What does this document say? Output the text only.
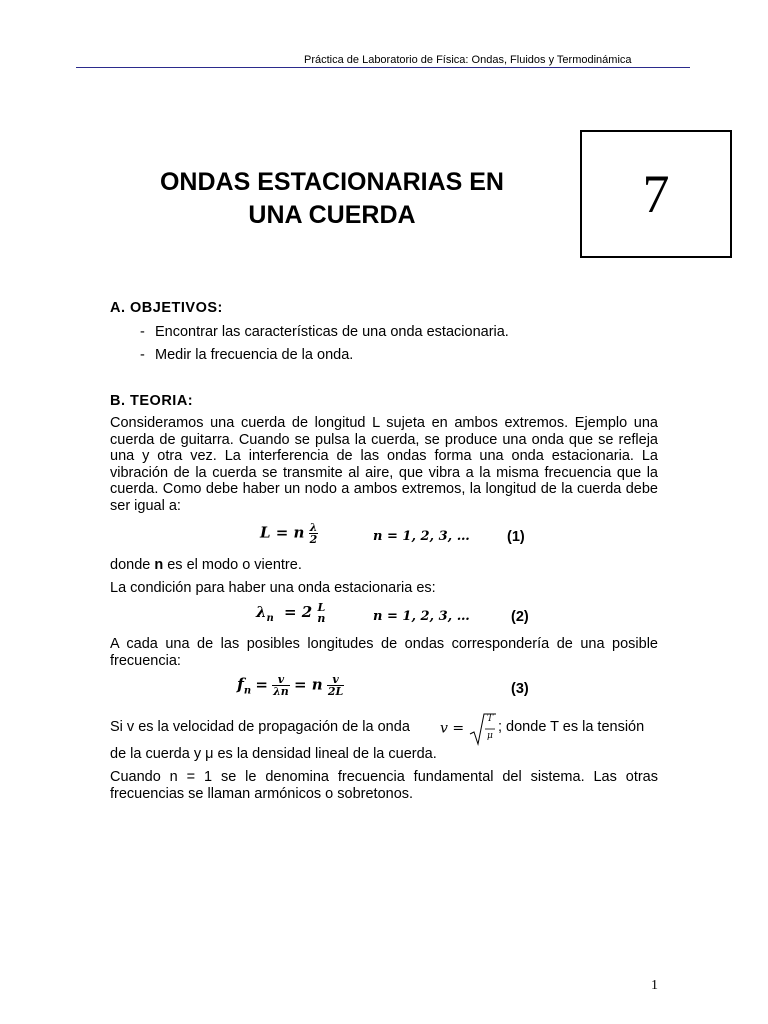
Práctica de Laboratorio de Física: Ondas, Fluidos y Termodinámica
ONDAS ESTACIONARIAS EN
UNA CUERDA	7
A. OBJETIVOS:
- Encontrar las características de una onda estacionaria.
- Medir la frecuencia de la onda.
B. TEORIA:
Consideramos una cuerda de longitud L sujeta en ambos extremos. Ejemplo una cuerda de guitarra. Cuando se pulsa la cuerda, se produce una onda que se refleja una y otra vez. La interferencia de las ondas forma una onda estacionaria. La vibración de la cuerda se transmite al aire, que vibra a la misma frecuencia que la cuerda. Como debe haber un nodo a ambos extremos, la longitud de la cuerda debe ser igual a:
L = n $\frac{\lambda}{2}$	n = 1, 2, 3, …	(1)
donde n es el modo o vientre.
La condición para haber una onda estacionaria es:
$\lambda_n = 2$ L
n	n = 1, 2, 3, …	(2)
A cada una de las posibles longitudes de ondas correspondería de una posible frecuencia:
$f_n = \frac{v}{\lambda n} = n \frac{v}{2L}$	(3)
Si v es la velocidad de propagación de la onda v =
T
μ
; donde T es la tensión
de la cuerda y μ es la densidad lineal de la cuerda.
Cuando n = 1 se le denomina frecuencia fundamental del sistema. Las otras frecuencias se llaman armónicos o sobretonos.
1
